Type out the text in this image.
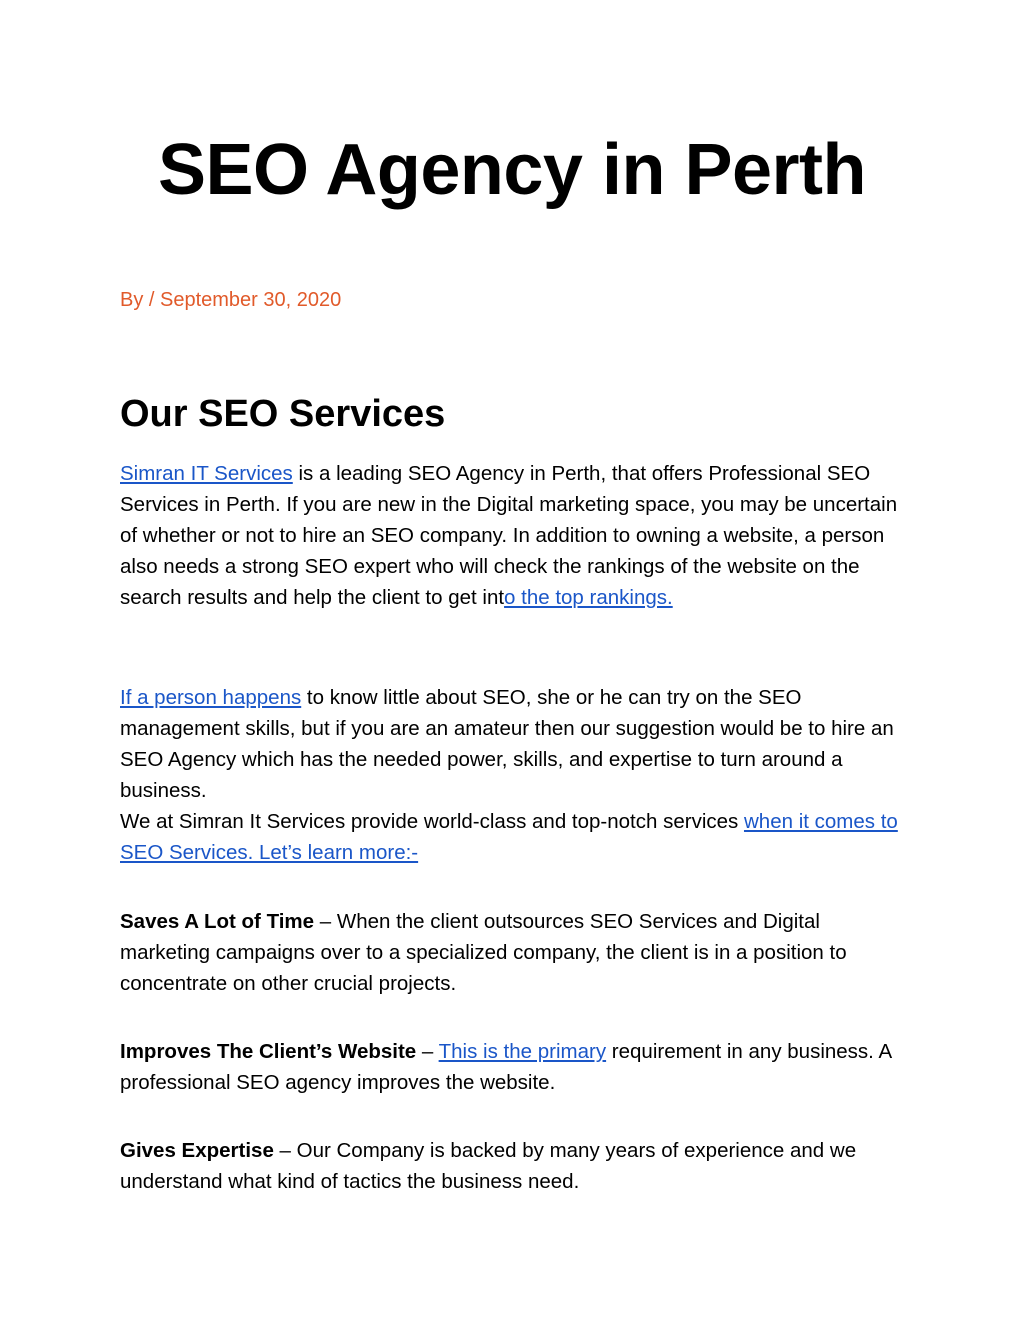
SEO Agency in Perth

By / September 30, 2020

Our SEO Services

Simran IT Services is a leading SEO Agency in Perth, that offers Professional SEO Services in Perth. If you are new in the Digital marketing space, you may be uncertain of whether or not to hire an SEO company. In addition to owning a website, a person also needs a strong SEO expert who will check the rankings of the website on the search results and help the client to get into the top rankings.

If a person happens to know little about SEO, she or he can try on the SEO management skills, but if you are an amateur then our suggestion would be to hire an SEO Agency which has the needed power, skills, and expertise to turn around a business.
We at Simran It Services provide world-class and top-notch services when it comes to SEO Services. Let’s learn more:-

Saves A Lot of Time – When the client outsources SEO Services and Digital marketing campaigns over to a specialized company, the client is in a position to concentrate on other crucial projects.

Improves The Client’s Website – This is the primary requirement in any business. A professional SEO agency improves the website.

Gives Expertise – Our Company is backed by many years of experience and we understand what kind of tactics the business need.
